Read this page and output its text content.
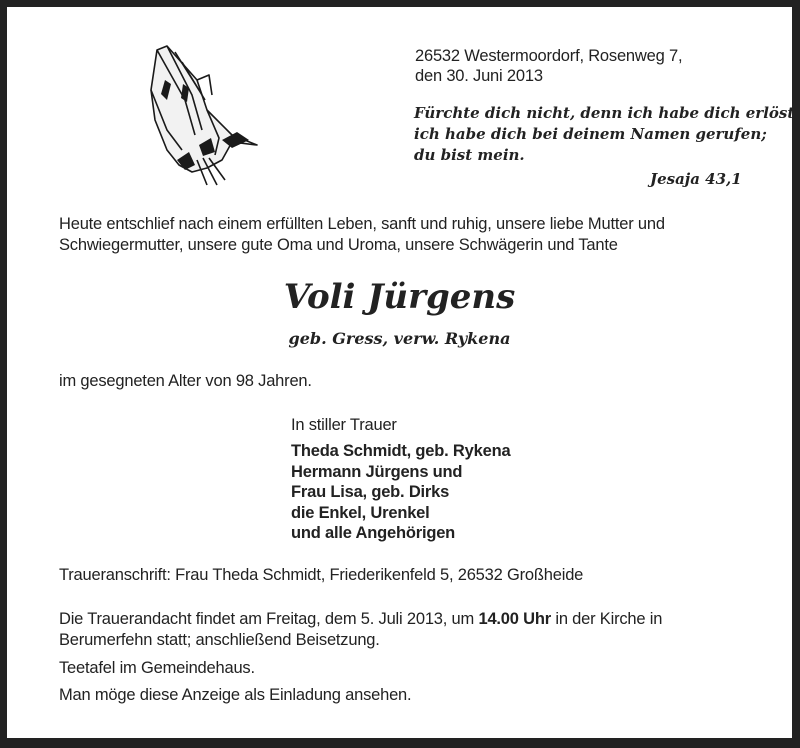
26532 Westermoordorf, Rosenweg 7,
den 30. Juni 2013
Fürchte dich nicht, denn ich habe dich erlöst,
ich habe dich bei deinem Namen gerufen;
du bist mein.
Jesaja 43,1
Heute entschlief nach einem erfüllten Leben, sanft und ruhig, unsere liebe Mutter und
Schwiegermutter, unsere gute Oma und Uroma, unsere Schwägerin und Tante
Voli Jürgens
geb. Gress, verw. Rykena
im gesegneten Alter von 98 Jahren.
In stiller Trauer
Theda Schmidt, geb. Rykena
Hermann Jürgens und
Frau Lisa, geb. Dirks
die Enkel, Urenkel
und alle Angehörigen
Traueranschrift: Frau Theda Schmidt, Friederikenfeld 5, 26532 Großheide
Die Trauerandacht findet am Freitag, dem 5. Juli 2013, um 14.00 Uhr in der Kirche in
Berumerfehn statt; anschließend Beisetzung.
Teetafel im Gemeindehaus.
Man möge diese Anzeige als Einladung ansehen.
